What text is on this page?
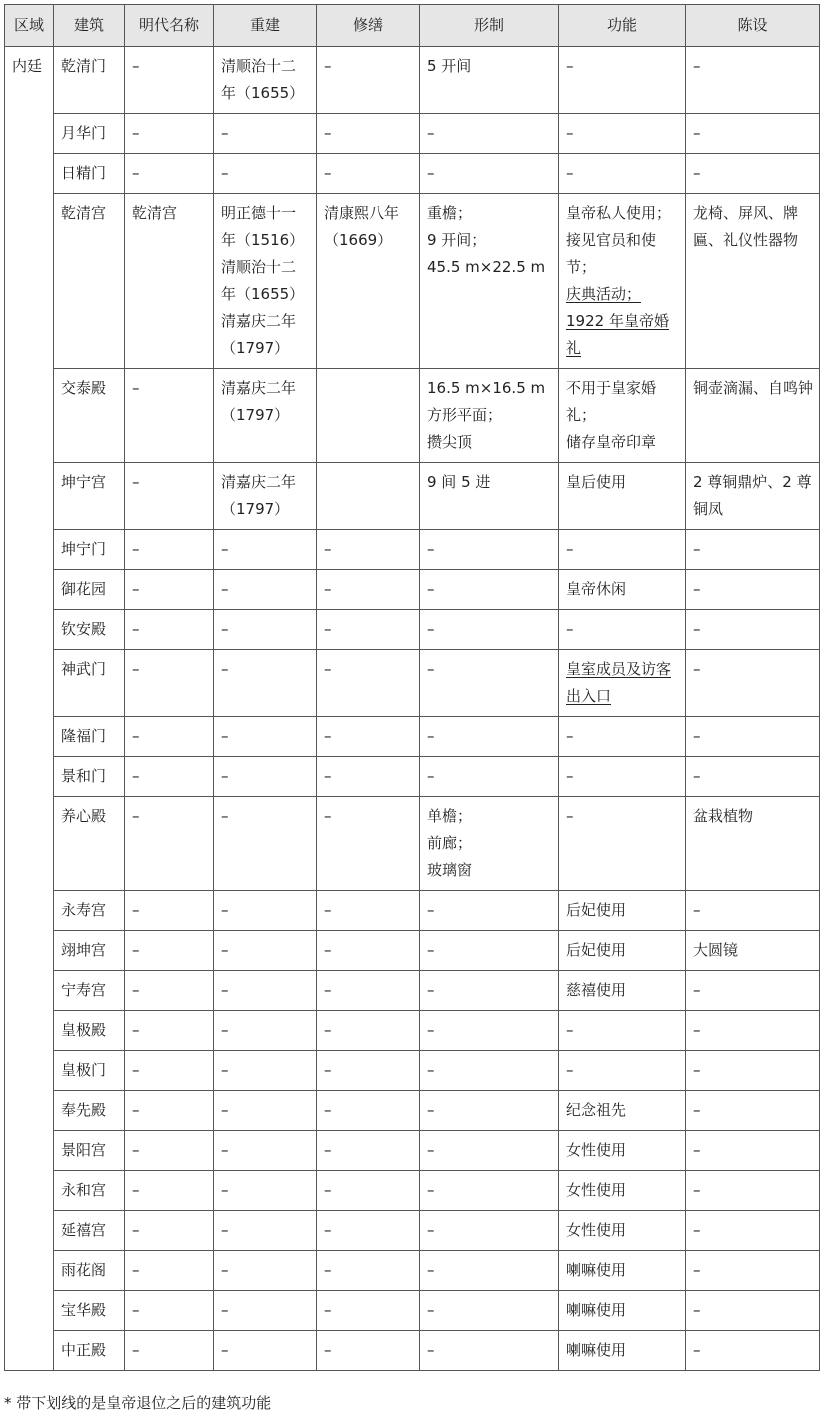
区域	建筑	明代名称	重建	修缮	形制	功能	陈设
内廷	乾清门	–	清顺治十二年（1655）	–	5 开间	–	–

	月华门	–	–	–	–	–	–

	日精门	–	–	–	–	–	–

	乾清宫	乾清宫	明正德十一年（1516）
清顺治十二年（1655）
清嘉庆二年（1797）	清康熙八年（1669）	重檐；
9 开间；
45.5 m×22.5 m	皇帝私人使用；
接见官员和使节；
庆典活动；
1922 年皇帝婚礼	龙椅、屏风、牌匾、礼仪性器物

	交泰殿	–	清嘉庆二年（1797）		16.5 m×16.5 m
方形平面；
攒尖顶	不用于皇家婚礼；
储存皇帝印章	铜壶滴漏、自鸣钟

	坤宁宫	–	清嘉庆二年（1797）		9 间 5 进	皇后使用	2 尊铜鼎炉、2 尊铜凤

	坤宁门	–	–	–	–	–	–

	御花园	–	–	–	–	皇帝休闲	–

	钦安殿	–	–	–	–	–	–

	神武门	–	–	–	–	皇室成员及访客出入口	–

	隆福门	–	–	–	–	–	–

	景和门	–	–	–	–	–	–

	养心殿	–	–	–	单檐；
前廊；
玻璃窗	–	盆栽植物

	永寿宫	–	–	–	–	后妃使用	–

	翊坤宫	–	–	–	–	后妃使用	大圆镜

	宁寿宫	–	–	–	–	慈禧使用	–

	皇极殿	–	–	–	–	–	–

	皇极门	–	–	–	–	–	–

	奉先殿	–	–	–	–	纪念祖先	–

	景阳宫	–	–	–	–	女性使用	–

	永和宫	–	–	–	–	女性使用	–

	延禧宫	–	–	–	–	女性使用	–

	雨花阁	–	–	–	–	喇嘛使用	–

	宝华殿	–	–	–	–	喇嘛使用	–

	中正殿	–	–	–	–	喇嘛使用	–
* 带下划线的是皇帝退位之后的建筑功能
